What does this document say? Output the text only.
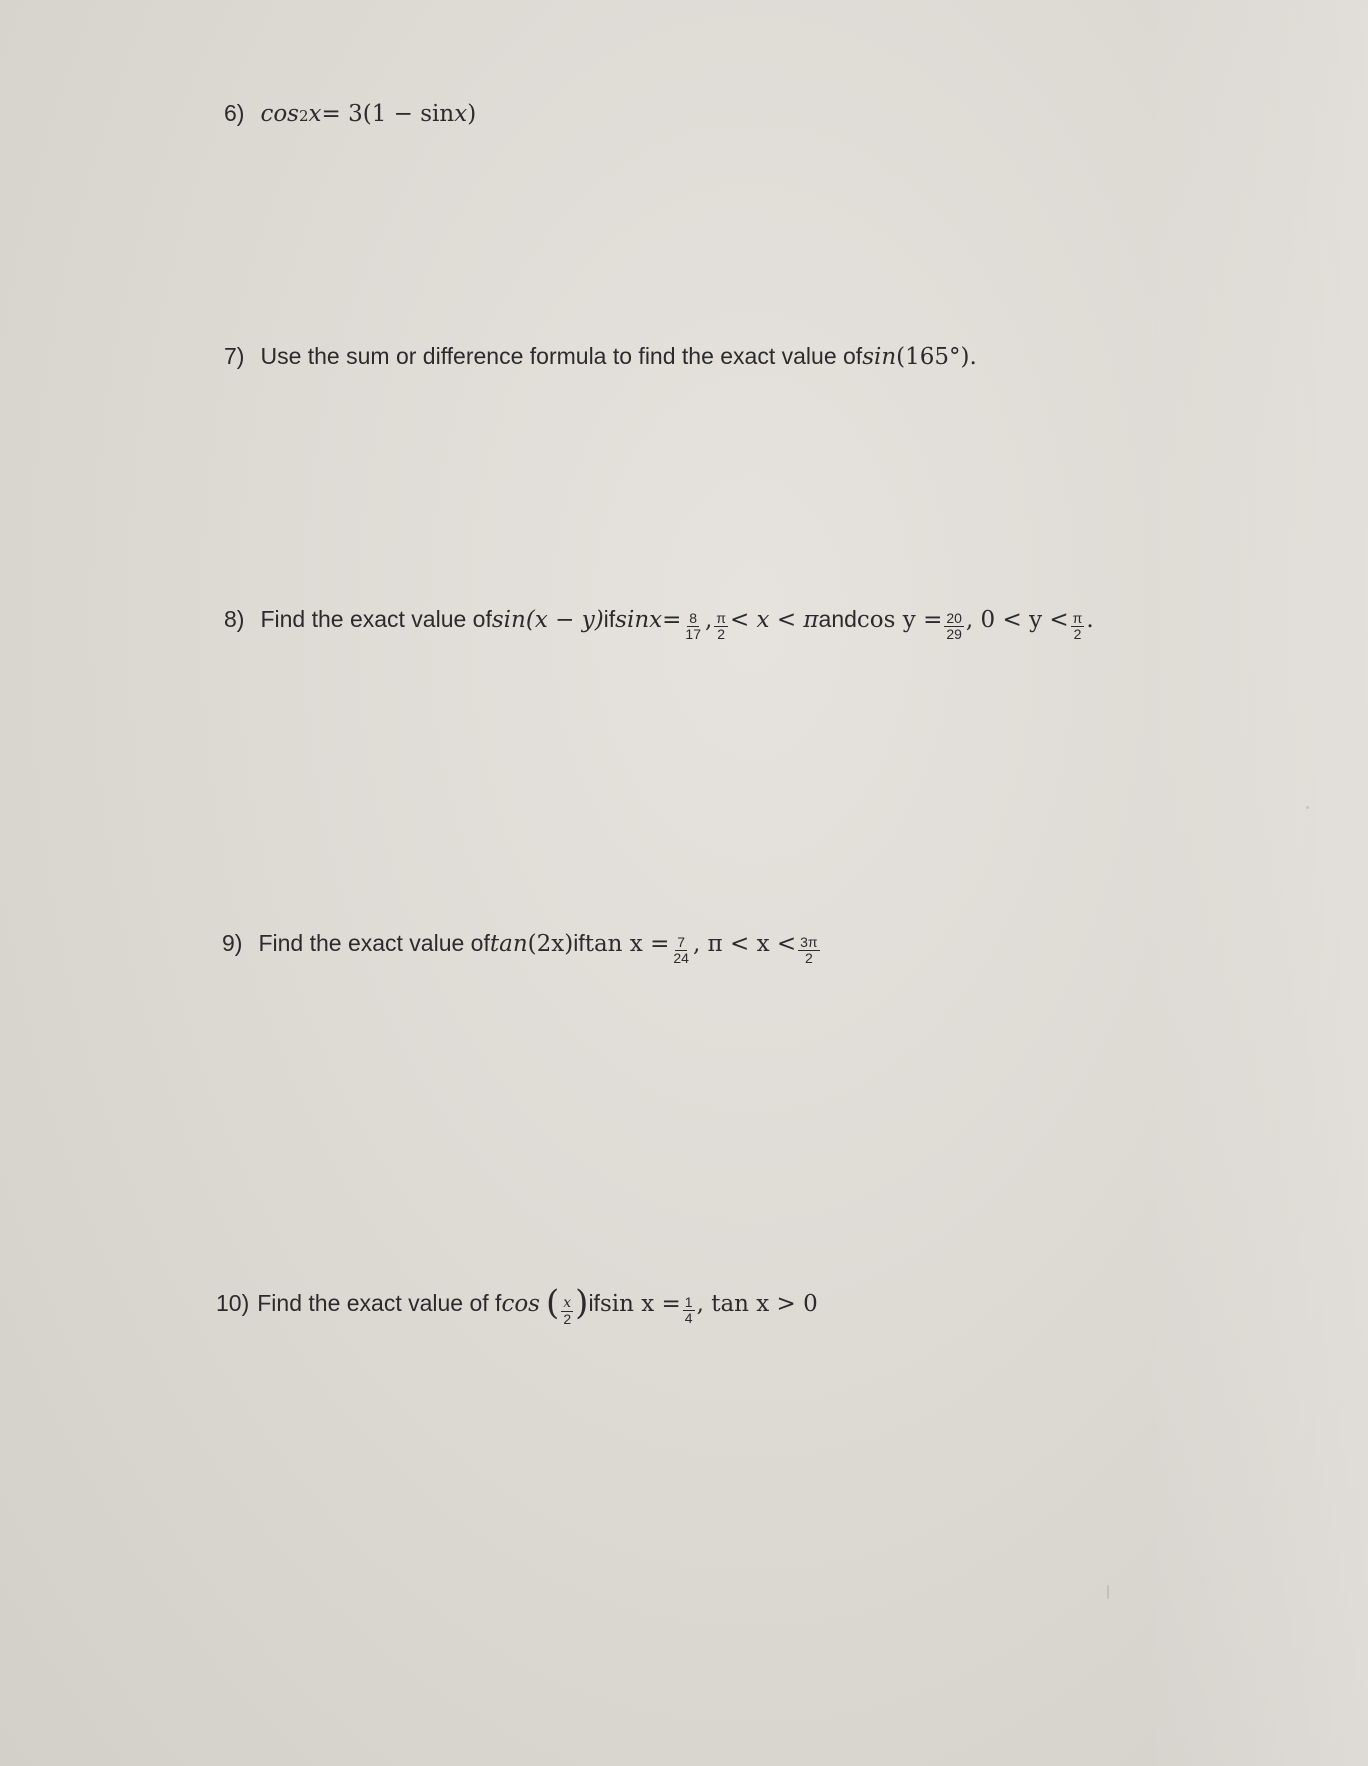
6) cos 2 x = 3(1 − sin x )
7) Use the sum or difference formula to find the exact value of sin (165°).
8) Find the exact value of sin (x − y) if $\sin x = \frac{8}{17}$ , $\frac{\pi}{2} < x < \pi$ and $\cos y = \frac{20}{29}$ , $0 < y < \frac{\pi}{2}$ .
9) Find the exact value of tan (2x) if $\tan x = \frac{7}{24}$ , $\pi < x < \frac{3\pi}{2}$
10) Find the exact value of f cos ( $\frac{x}{2}$ ) if $\sin x = \frac{1}{4}$ , tan x > 0
